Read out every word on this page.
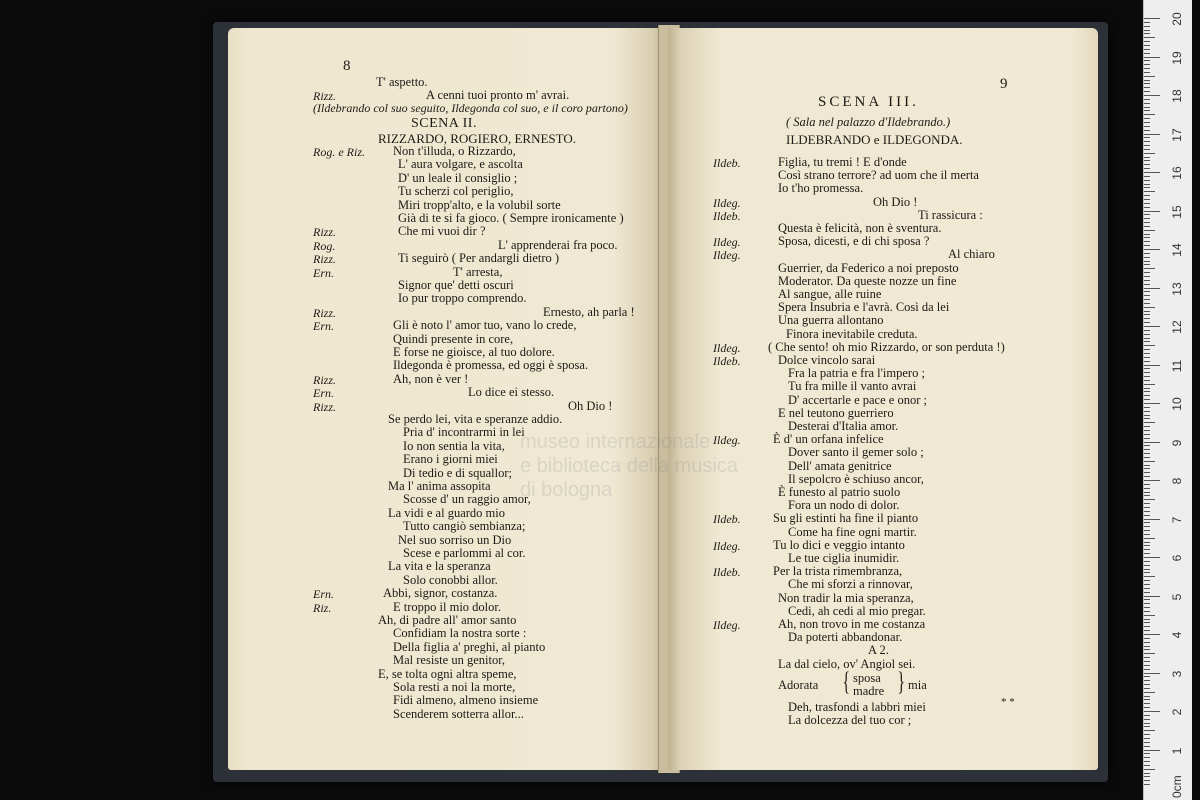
8
T' aspetto.
Rizz.	A cenni tuoi pronto m' avrai.
(Ildebrando col suo seguito, Ildegonda col suo, e il coro partono)
SCENA II.
RIZZARDO, ROGIERO, ERNESTO.
Rog. e Riz. Non t'illuda, o Rizzardo,
L' aura volgare, e ascolta
D' un leale il consiglio ;
Tu scherzi col periglio,
Miri tropp'alto, e la volubil sorte
Già di te si fa gioco. ( Sempre ironicamente )
Rizz.	Che mi vuoi dir ?
Rog.	L' apprenderai fra poco.
Rizz.	Ti seguirò ( Per andargli dietro )
Ern.	T' arresta,
Signor que' detti oscuri
Io pur troppo comprendo.
Rizz.	Ernesto, ah parla !
Ern.	Gli è noto l' amor tuo, vano lo crede,
Quindi presente in core,
E forse ne gioisce, al tuo dolore.
Ildegonda è promessa, ed oggi è sposa.
Rizz.	Ah, non è ver !
Ern.	Lo dice ei stesso.
Rizz.	Oh Dio !
Se perdo lei, vita e speranze addio.
Pria d' incontrarmi in lei
Io non sentia la vita,
Erano i giorni miei
Di tedio e di squallor;
Ma l' anima assopita
Scosse d' un raggio amor,
La vidi e al guardo mio
Tutto cangiò sembianza;
Nel suo sorriso un Dio
Scese e parlommi al cor.
La vita e la speranza
Solo conobbi allor.
Ern.	Abbi, signor, costanza.
Riz.	E troppo il mio dolor.
Ah, di padre all' amor santo
Confidiam la nostra sorte :
Della figlia a' preghi, al pianto
Mal resiste un genitor,
E, se tolta ogni altra speme,
Sola resti a noi la morte,
Fidi almeno, almeno insieme
Scenderem sotterra allor...
9
SCENA III.
( Sala nel palazzo d'Ildebrando.)
ILDEBRANDO e ILDEGONDA.
Ildeb.	Figlia, tu tremi ! E d'onde
Così strano terrore? ad uom che il merta
Io t'ho promessa.
Ildeg.	Oh Dio !
Ildeb.	Ti rassicura :
Questa è felicità, non è sventura.
Ildeg.	Sposa, dicesti, e di chi sposa ?
Ildeg.	Al chiaro
Guerrier, da Federico a noi preposto
Moderator. Da queste nozze un fine
Al sangue, alle ruine
Spera Insubria e l'avrà. Così da lei
Una guerra allontano
Finora inevitabile creduta.
Ildeg. ( Che sento! oh mio Rizzardo, or son perduta !)
Ildeb.	Dolce vincolo sarai
Fra la patria e fra l'impero ;
Tu fra mille il vanto avrai
D' accertarle e pace e onor ;
E nel teutono guerriero
Desterai d'Italia amor.
Ildeg.	È d' un orfana infelice
Dover santo il gemer solo ;
Dell' amata genitrice
Il sepolcro è schiuso ancor,
È funesto al patrio suolo
Fora un nodo di dolor.
Ildeb.	Su gli estinti ha fine il pianto
Come ha fine ogni martir.
Ildeg.	Tu lo dici e veggio intanto
Le tue ciglia inumidir.
Ildeb.	Per la trista rimembranza,
Che mi sforzi a rinnovar,
Non tradir la mia speranza,
Cedi, ah cedi al mio pregar.
Ildeg.	Ah, non trovo in me costanza
Da poterti abbandonar.
A 2.
La dal cielo, ov' Angiol sei.
Adorata { sposa
madre } mia
Deh, trasfondi a labbri miei
La dolcezza del tuo cor ;
* *
20
19
18
17
16
15
14
13
12
11
10
9
8
7
6
5
4
3
2
1
0cm
